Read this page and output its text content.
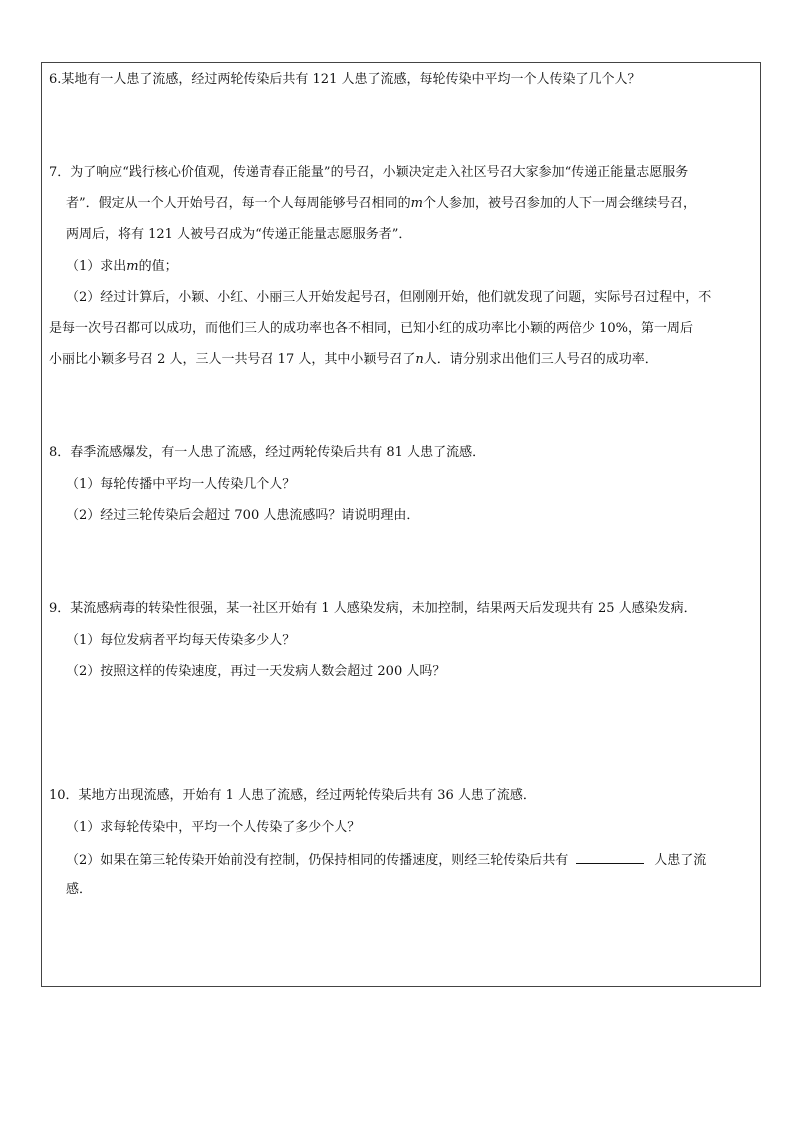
6.某地有一人患了流感，经过两轮传染后共有 121 人患了流感，每轮传染中平均一个人传染了几个人？
7．为了响应“践行核心价值观，传递青春正能量”的号召，小颖决定走入社区号召大家参加“传递正能量志愿服务
者”．假定从一个人开始号召，每一个人每周能够号召相同的m个人参加，被号召参加的人下一周会继续号召，
两周后，将有 121 人被号召成为“传递正能量志愿服务者”．
（1）求出m的值；
（2）经过计算后，小颖、小红、小丽三人开始发起号召，但刚刚开始，他们就发现了问题，实际号召过程中，不
是每一次号召都可以成功，而他们三人的成功率也各不相同，已知小红的成功率比小颖的两倍少 10%，第一周后
小丽比小颖多号召 2 人，三人一共号召 17 人，其中小颖号召了n人．请分别求出他们三人号召的成功率．
8．春季流感爆发，有一人患了流感，经过两轮传染后共有 81 人患了流感．
（1）每轮传播中平均一人传染几个人？
（2）经过三轮传染后会超过 700 人患流感吗？请说明理由．
9．某流感病毒的转染性很强，某一社区开始有 1 人感染发病，未加控制，结果两天后发现共有 25 人感染发病．
（1）每位发病者平均每天传染多少人？
（2）按照这样的传染速度，再过一天发病人数会超过 200 人吗？
10．某地方出现流感，开始有 1 人患了流感，经过两轮传染后共有 36 人患了流感．
（1）求每轮传染中，平均一个人传染了多少个人？
（2）如果在第三轮传染开始前没有控制，仍保持相同的传播速度，则经三轮传染后共有	人患了流
感．
